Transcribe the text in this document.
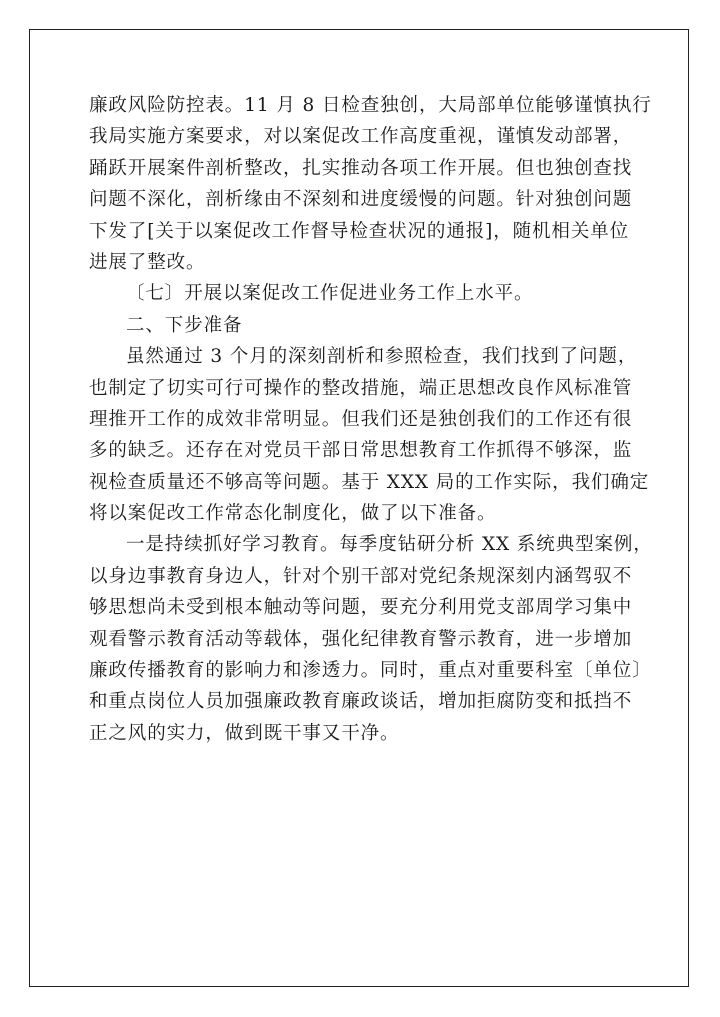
廉政风险防控表。11 月 8 日检查独创，大局部单位能够谨慎执行
我局实施方案要求，对以案促改工作高度重视，谨慎发动部署，
踊跃开展案件剖析整改，扎实推动各项工作开展。但也独创查找
问题不深化，剖析缘由不深刻和进度缓慢的问题。针对独创问题
下发了[关于以案促改工作督导检查状况的通报]，随机相关单位
进展了整改。
〔七〕开展以案促改工作促进业务工作上水平。
二、下步准备
虽然通过 3 个月的深刻剖析和参照检查，我们找到了问题，
也制定了切实可行可操作的整改措施，端正思想改良作风标准管
理推开工作的成效非常明显。但我们还是独创我们的工作还有很
多的缺乏。还存在对党员干部日常思想教育工作抓得不够深，监
视检查质量还不够高等问题。基于 XXX 局的工作实际，我们确定
将以案促改工作常态化制度化，做了以下准备。
一是持续抓好学习教育。每季度钻研分析 XX 系统典型案例，
以身边事教育身边人，针对个别干部对党纪条规深刻内涵驾驭不
够思想尚未受到根本触动等问题，要充分利用党支部周学习集中
观看警示教育活动等载体，强化纪律教育警示教育，进一步增加
廉政传播教育的影响力和渗透力。同时，重点对重要科室〔单位〕
和重点岗位人员加强廉政教育廉政谈话，增加拒腐防变和抵挡不
正之风的实力，做到既干事又干净。
